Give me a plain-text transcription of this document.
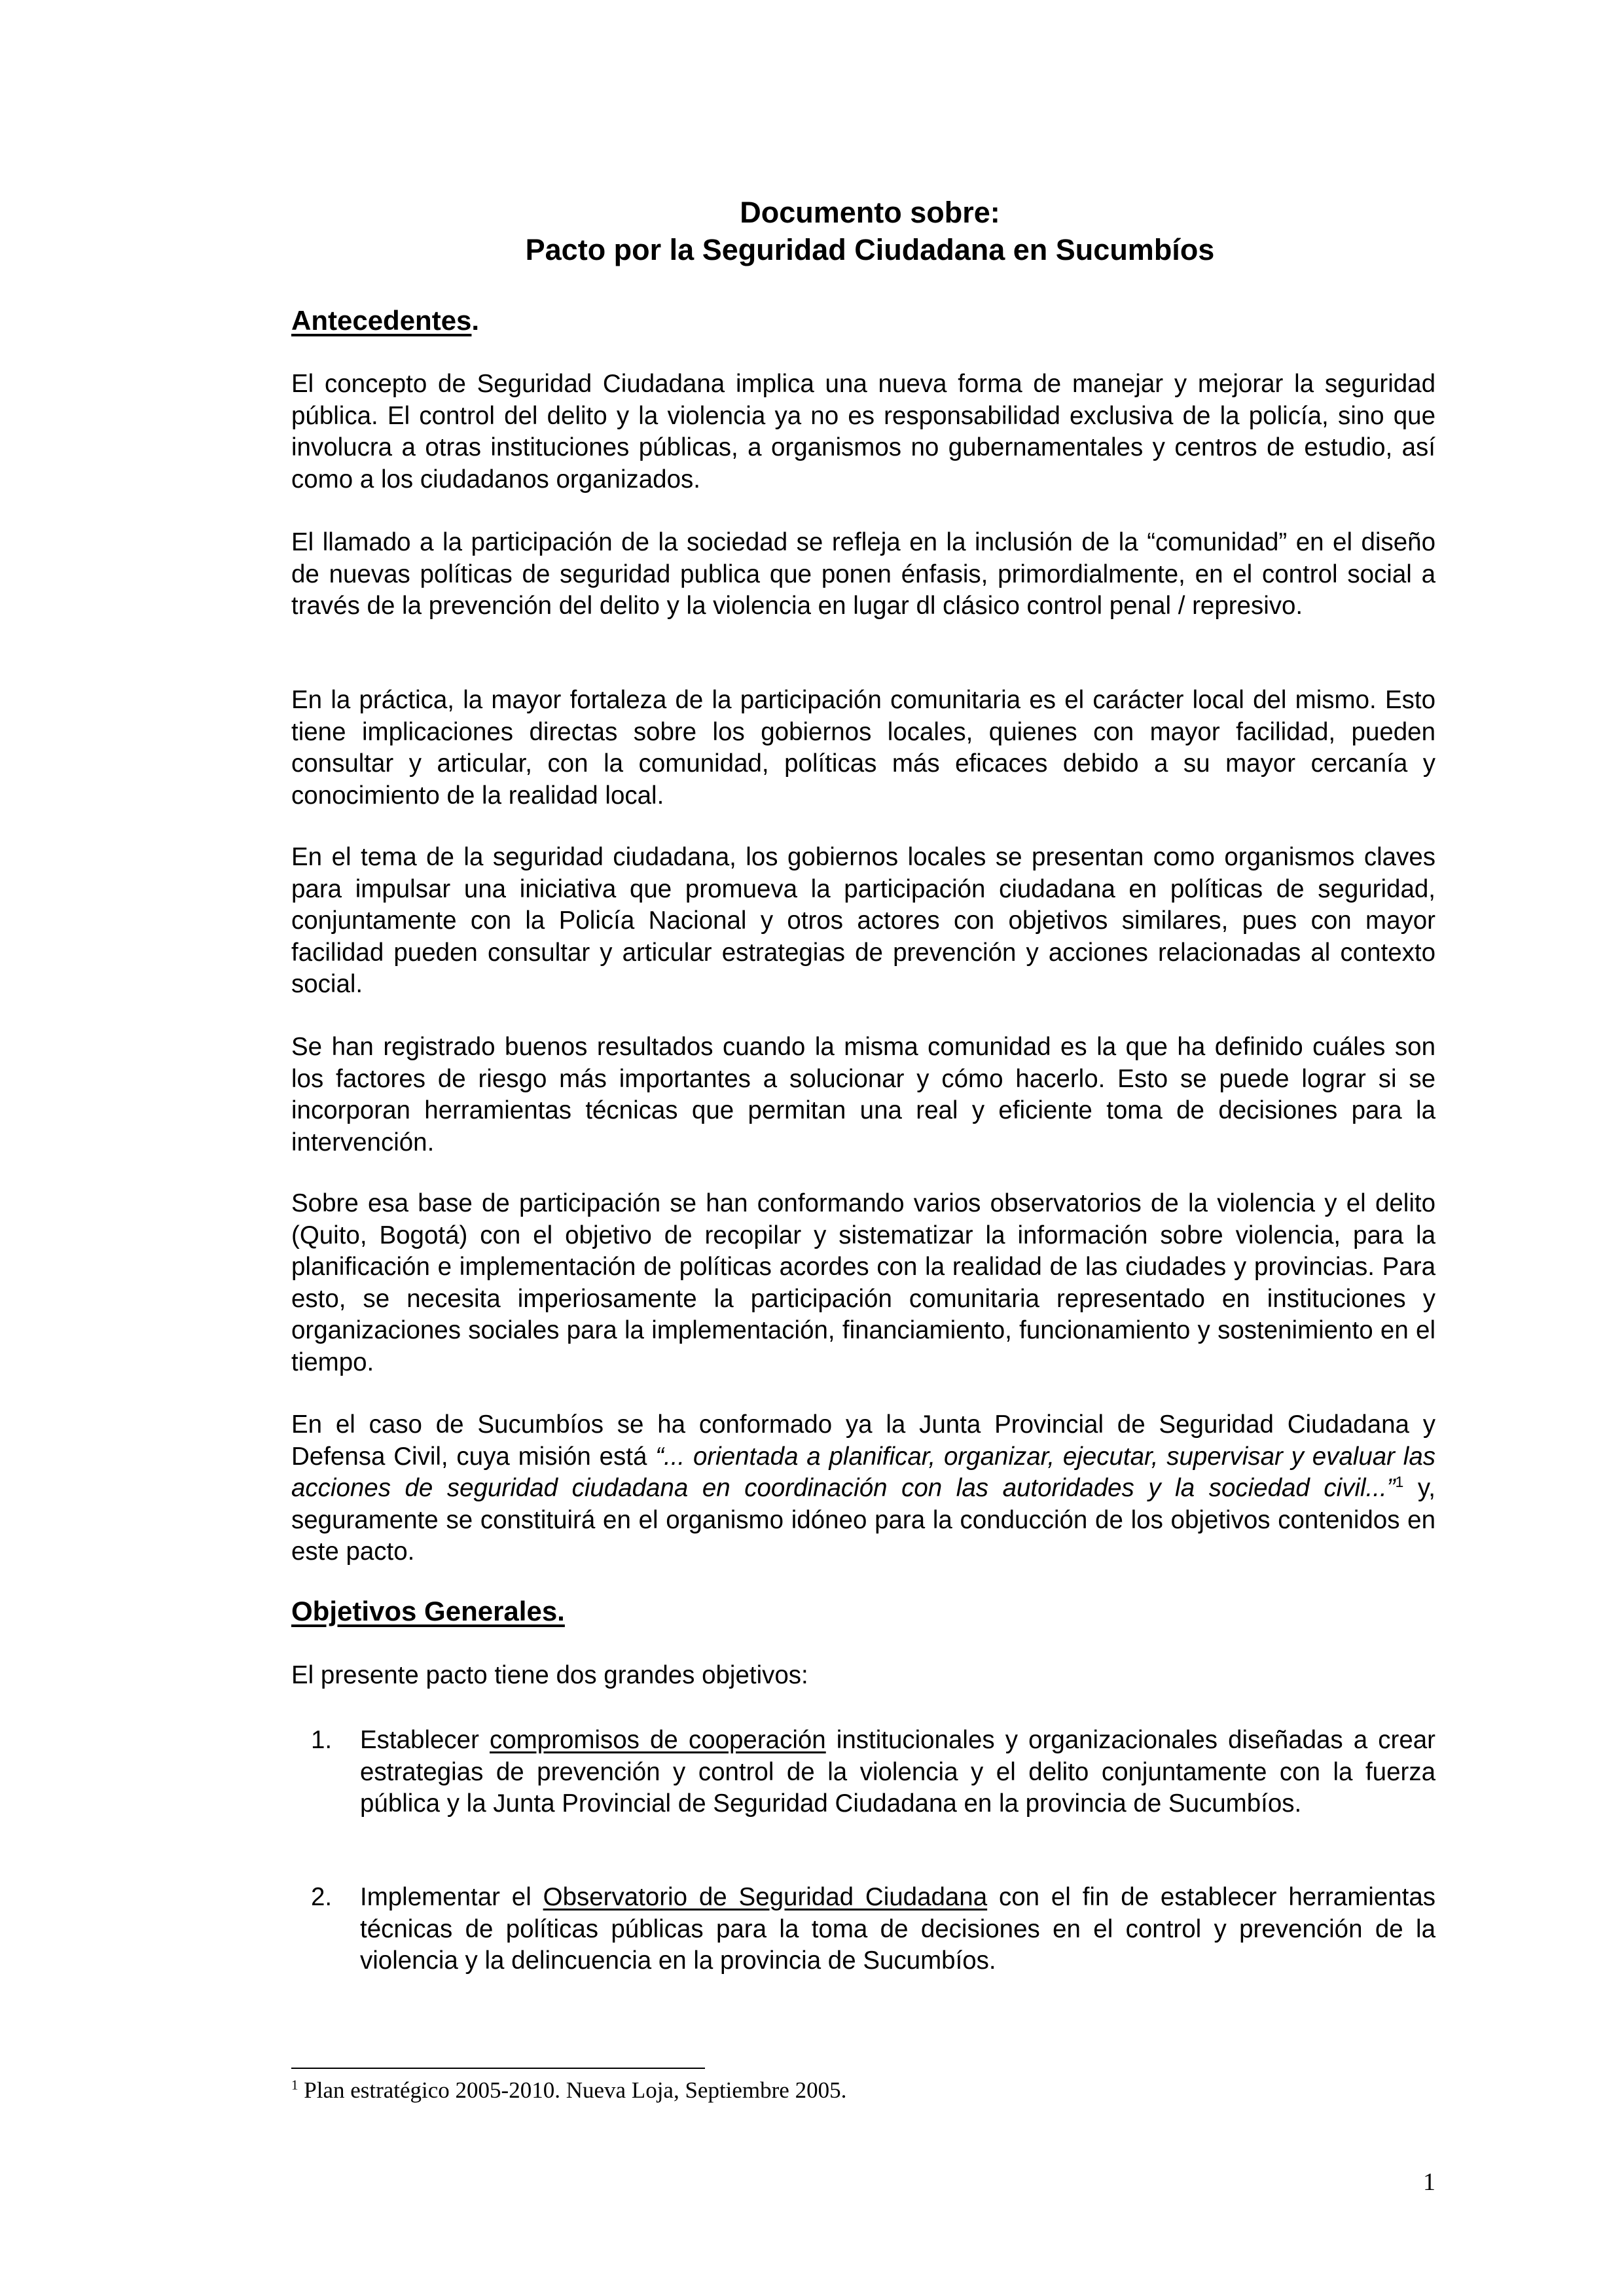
Documento sobre:
Pacto por la Seguridad Ciudadana en Sucumbíos
Antecedentes.

El concepto de Seguridad Ciudadana implica una nueva forma de manejar y mejorar la seguridad pública. El control del delito y la violencia ya no es responsabilidad exclusiva de la policía, sino que involucra a otras instituciones públicas, a organismos no gubernamentales y centros de estudio, así como a los ciudadanos organizados.

El llamado a la participación de la sociedad se refleja en la inclusión de la “comunidad” en el diseño de nuevas políticas de seguridad publica que ponen énfasis, primordialmente, en el control social a través de la prevención del delito y la violencia en lugar dl clásico control penal / represivo.

En la práctica, la mayor fortaleza de la participación comunitaria es el carácter local del mismo. Esto tiene implicaciones directas sobre los gobiernos locales, quienes con mayor facilidad, pueden consultar y articular, con la comunidad, políticas más eficaces debido a su mayor cercanía y conocimiento de la realidad local.

En el tema de la seguridad ciudadana, los gobiernos locales se presentan como organismos claves para impulsar una iniciativa que promueva la participación ciudadana en políticas de seguridad, conjuntamente con la Policía Nacional y otros actores con objetivos similares, pues con mayor facilidad pueden consultar y articular estrategias de prevención y acciones relacionadas al contexto social.

Se han registrado buenos resultados cuando la misma comunidad es la que ha definido cuáles son los factores de riesgo más importantes a solucionar y cómo hacerlo. Esto se puede lograr si se incorporan herramientas técnicas que permitan una real y eficiente toma de decisiones para la intervención.

Sobre esa base de participación se han conformando varios observatorios de la violencia y el delito (Quito, Bogotá) con el objetivo de recopilar y sistematizar la información sobre violencia, para la planificación e implementación de políticas acordes con la realidad de las ciudades y provincias. Para esto, se necesita imperiosamente la participación comunitaria representado en instituciones y organizaciones sociales para la implementación, financiamiento, funcionamiento y sostenimiento en el tiempo.

En el caso de Sucumbíos se ha conformado ya la Junta Provincial de Seguridad Ciudadana y Defensa Civil, cuya misión está “... orientada a planificar, organizar, ejecutar, supervisar y evaluar las acciones de seguridad ciudadana en coordinación con las autoridades y la sociedad civil...”$^1$ y, seguramente se constituirá en el organismo idóneo para la conducción de los objetivos contenidos en este pacto.

Objetivos Generales.

El presente pacto tiene dos grandes objetivos:

1. Establecer compromisos de cooperación institucionales y organizacionales diseñadas a crear estrategias de prevención y control de la violencia y el delito conjuntamente con la fuerza pública y la Junta Provincial de Seguridad Ciudadana en la provincia de Sucumbíos.
2. Implementar el Observatorio de Seguridad Ciudadana con el fin de establecer herramientas técnicas de políticas públicas para la toma de decisiones en el control y prevención de la violencia y la delincuencia en la provincia de Sucumbíos.
$^1$ Plan estratégico 2005-2010. Nueva Loja, Septiembre 2005.
1
